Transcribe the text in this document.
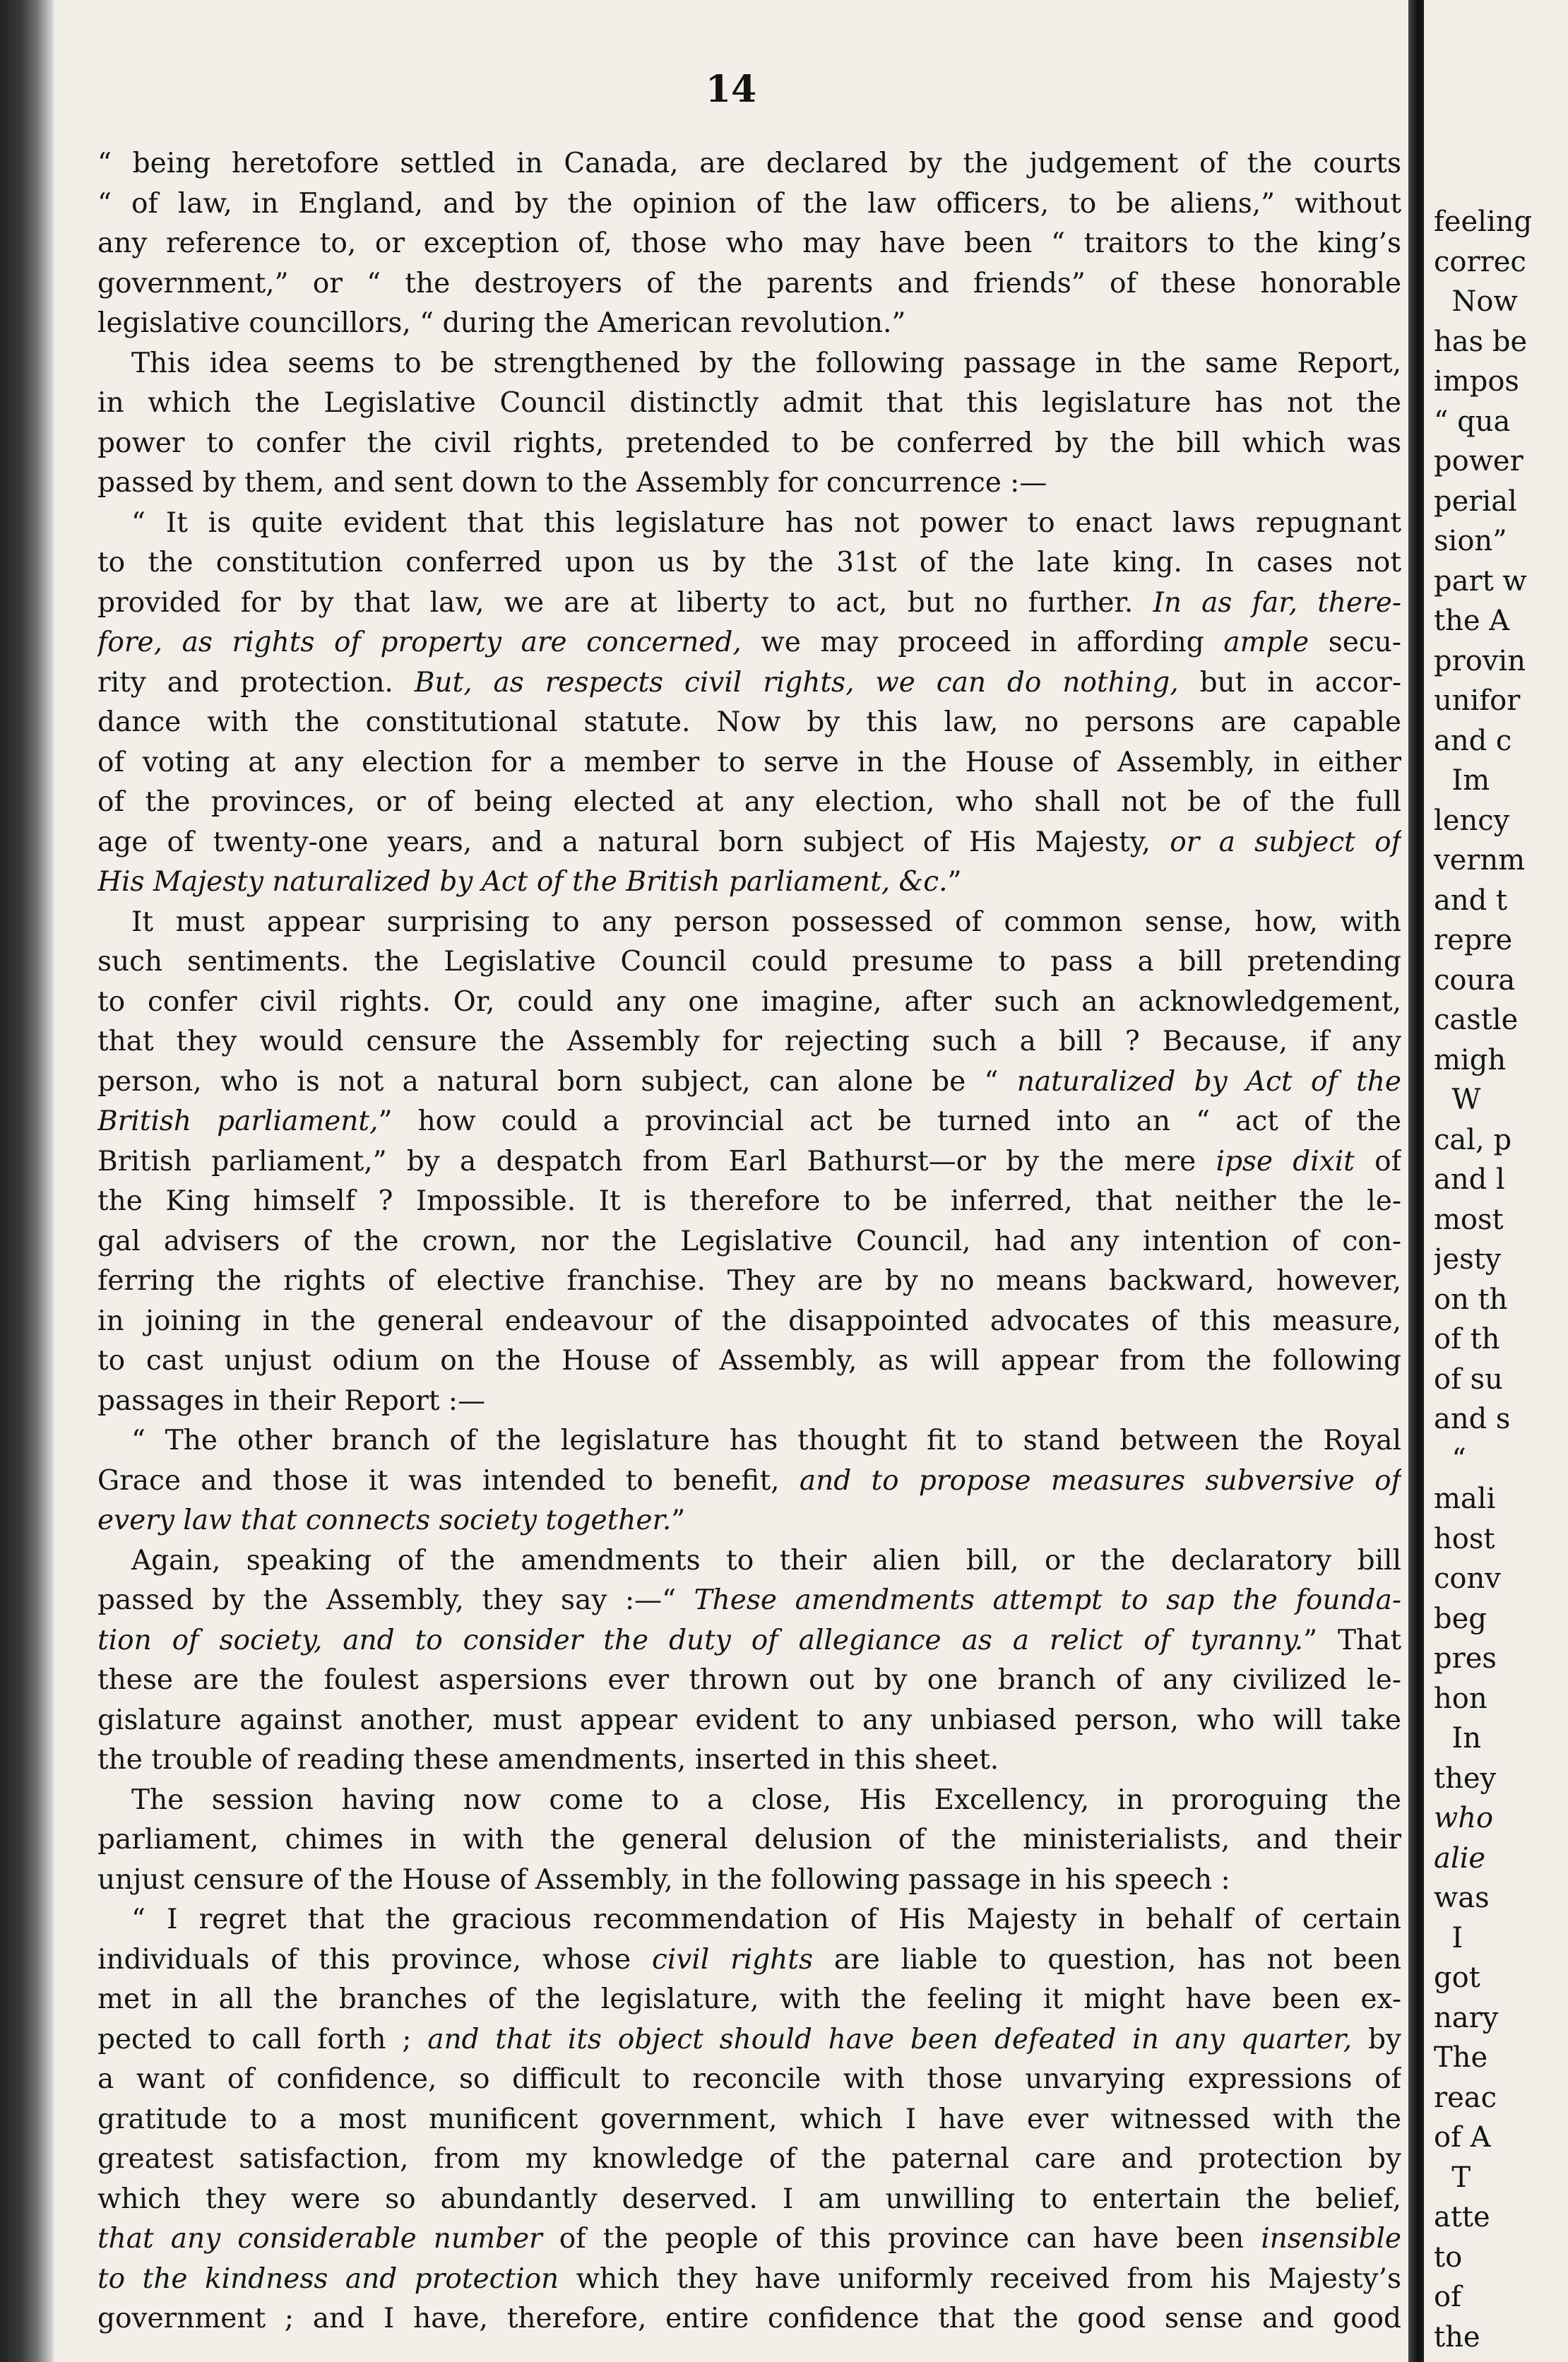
14
“ being heretofore settled in Canada, are declared by the judgement of the courts
“ of law, in England, and by the opinion of the law officers, to be aliens,” without
any reference to, or exception of, those who may have been “ traitors to the king’s
government,” or “ the destroyers of the parents and friends” of these honorable
legislative councillors, “ during the American revolution.”
This idea seems to be strengthened by the following passage in the same Report,
in which the Legislative Council distinctly admit that this legislature has not the
power to confer the civil rights, pretended to be conferred by the bill which was
passed by them, and sent down to the Assembly for concurrence :—
“ It is quite evident that this legislature has not power to enact laws repugnant
to the constitution conferred upon us by the 31st of the late king. In cases not
provided for by that law, we are at liberty to act, but no further. In as far, there-
fore, as rights of property are concerned, we may proceed in affording ample secu-
rity and protection. But, as respects civil rights, we can do nothing, but in accor-
dance with the constitutional statute. Now by this law, no persons are capable
of voting at any election for a member to serve in the House of Assembly, in either
of the provinces, or of being elected at any election, who shall not be of the full
age of twenty-one years, and a natural born subject of His Majesty, or a subject of
His Majesty naturalized by Act of the British parliament, &c.”
It must appear surprising to any person possessed of common sense, how, with
such sentiments. the Legislative Council could presume to pass a bill pretending
to confer civil rights. Or, could any one imagine, after such an acknowledgement,
that they would censure the Assembly for rejecting such a bill ? Because, if any
person, who is not a natural born subject, can alone be “ naturalized by Act of the
British parliament,” how could a provincial act be turned into an “ act of the
British parliament,” by a despatch from Earl Bathurst—or by the mere ipse dixit of
the King himself ? Impossible. It is therefore to be inferred, that neither the le-
gal advisers of the crown, nor the Legislative Council, had any intention of con-
ferring the rights of elective franchise. They are by no means backward, however,
in joining in the general endeavour of the disappointed advocates of this measure,
to cast unjust odium on the House of Assembly, as will appear from the following
passages in their Report :—
“ The other branch of the legislature has thought fit to stand between the Royal
Grace and those it was intended to benefit, and to propose measures subversive of
every law that connects society together.”
Again, speaking of the amendments to their alien bill, or the declaratory bill
passed by the Assembly, they say :—“ These amendments attempt to sap the founda-
tion of society, and to consider the duty of allegiance as a relict of tyranny.” That
these are the foulest aspersions ever thrown out by one branch of any civilized le-
gislature against another, must appear evident to any unbiased person, who will take
the trouble of reading these amendments, inserted in this sheet.
The session having now come to a close, His Excellency, in proroguing the
parliament, chimes in with the general delusion of the ministerialists, and their
unjust censure of the House of Assembly, in the following passage in his speech :
“ I regret that the gracious recommendation of His Majesty in behalf of certain
individuals of this province, whose civil rights are liable to question, has not been
met in all the branches of the legislature, with the feeling it might have been ex-
pected to call forth ; and that its object should have been defeated in any quarter, by
a want of confidence, so difficult to reconcile with those unvarying expressions of
gratitude to a most munificent government, which I have ever witnessed with the
greatest satisfaction, from my knowledge of the paternal care and protection by
which they were so abundantly deserved. I am unwilling to entertain the belief,
that any considerable number of the people of this province can have been insensible
to the kindness and protection which they have uniformly received from his Majesty’s
government ; and I have, therefore, entire confidence that the good sense and good
feeling
correc
Now
has be
impos
“ qua
power
perial
sion”
part w
the A
provin
unifor
and c
Im
lency
vernm
and t
repre
coura
castle
migh
W
cal, p
and l
most
jesty
on th
of th
of su
and s
“
mali
host
conv
beg
pres
hon
In
they
who
alie
was
I
got
nary
The
reac
of A
T
atte
to
of
the
